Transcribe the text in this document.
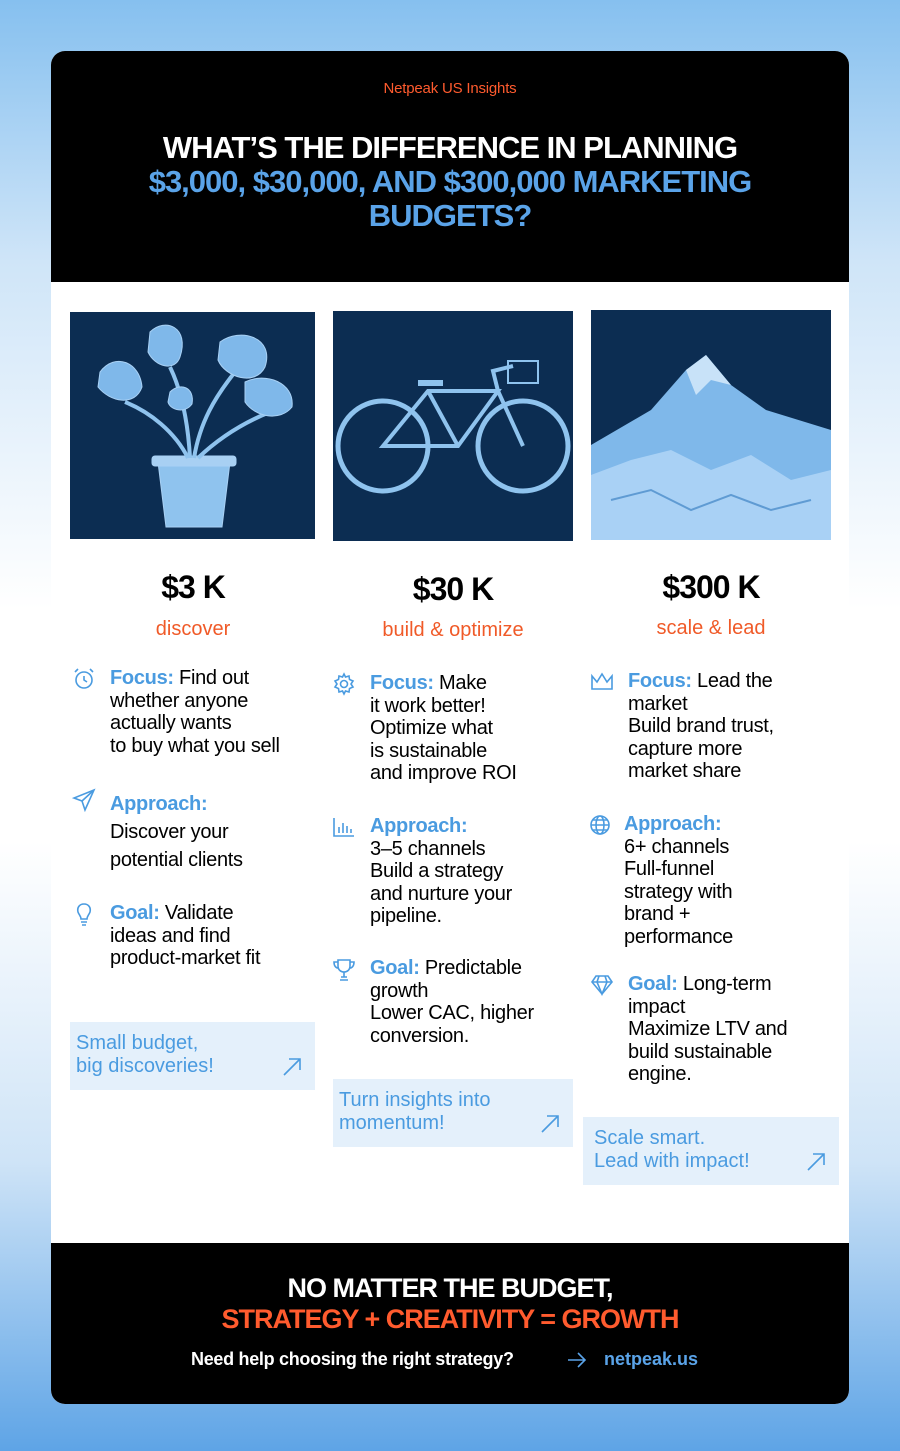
Netpeak US Insights
WHAT’S THE DIFFERENCE IN PLANNING
$3,000, $30,000, AND $300,000 MARKETING
BUDGETS?
$3 K
discover
Focus: Find out
whether anyone
actually wants
to buy what you sell
Approach:
Discover your
potential clients
Goal: Validate
ideas and find
product-market fit
Small budget,
big discoveries!
$30 K
build & optimize
Focus: Make
it work better!
Optimize what
is sustainable
and improve ROI
Approach:
3–5 channels
Build a strategy
and nurture your
pipeline.
Goal: Predictable
growth
Lower CAC, higher
conversion.
Turn insights into
momentum!
$300 K
scale & lead
Focus: Lead the
market
Build brand trust,
capture more
market share
Approach:
6+ channels
Full-funnel
strategy with
brand +
performance
Goal: Long-term
impact
Maximize LTV and
build sustainable
engine.
Scale smart.
Lead with impact!
NO MATTER THE BUDGET,
STRATEGY + CREATIVITY = GROWTH
Need help choosing the right strategy?	netpeak.us
